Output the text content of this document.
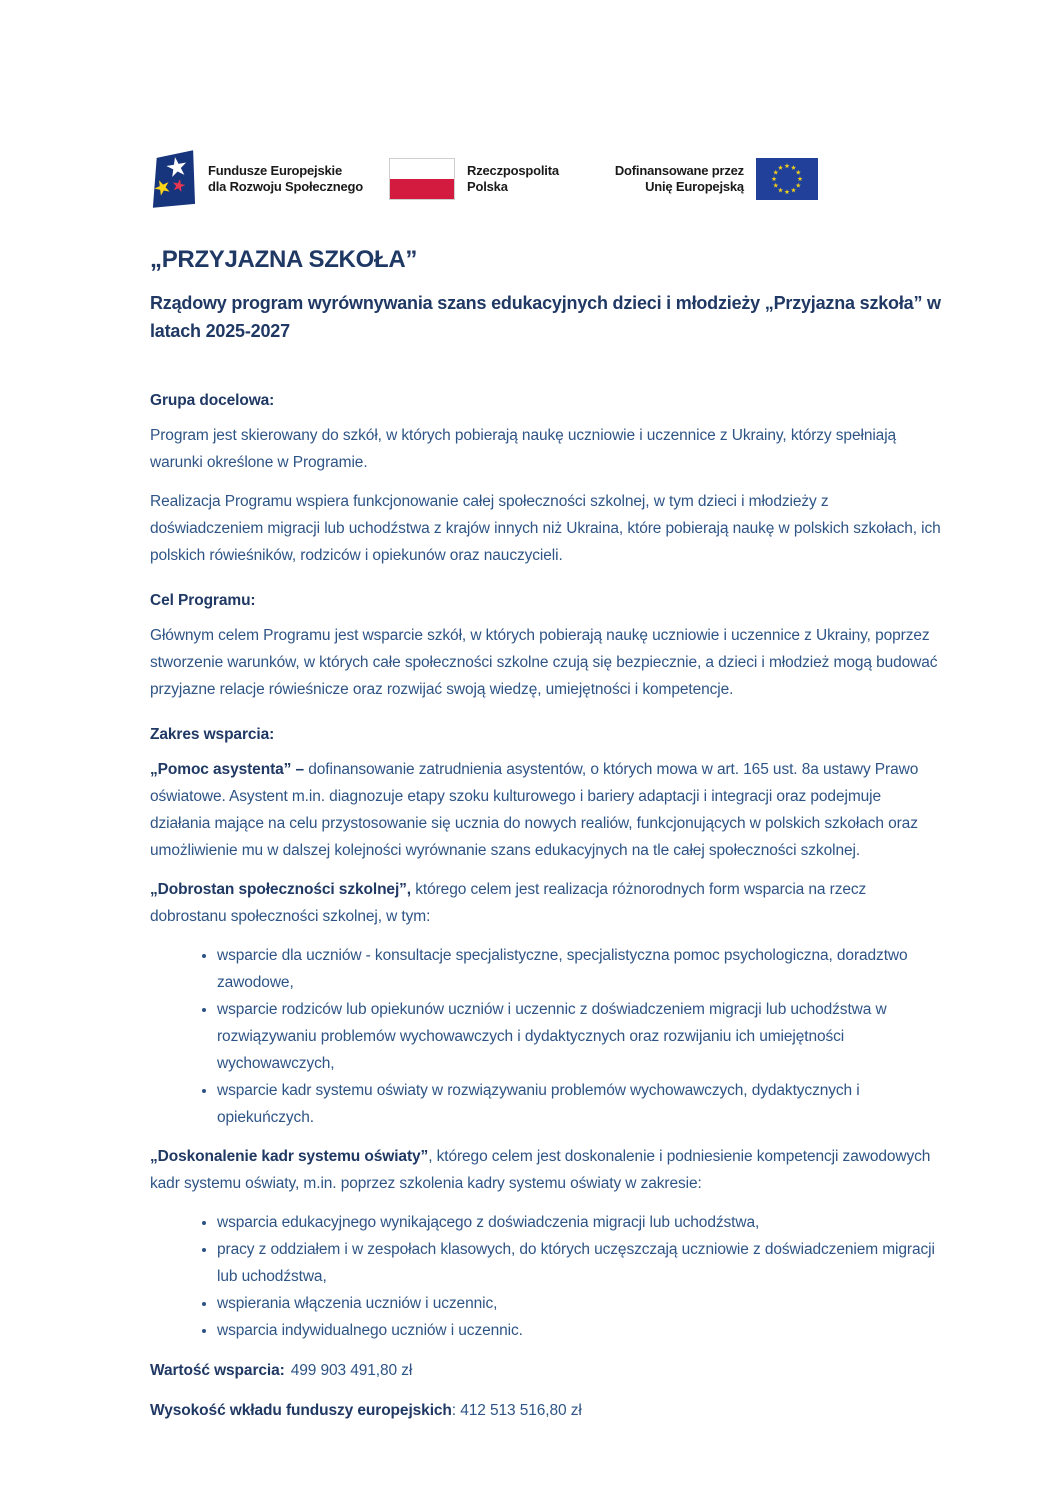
Fundusze Europejskie
dla Rozwoju Społecznego
Rzeczpospolita
Polska
Dofinansowane przez
Unię Europejską
„PRZYJAZNA SZKOŁA”
Rządowy program wyrównywania szans edukacyjnych dzieci i młodzieży „Przyjazna szkoła” w latach 2025-2027
Grupa docelowa:

Program jest skierowany do szkół, w których pobierają naukę uczniowie i uczennice z Ukrainy, którzy spełniają warunki określone w Programie.

Realizacja Programu wspiera funkcjonowanie całej społeczności szkolnej, w tym dzieci i młodzieży z doświadczeniem migracji lub uchodźstwa z krajów innych niż Ukraina, które pobierają naukę w polskich szkołach, ich polskich rówieśników, rodziców i opiekunów oraz nauczycieli.

Cel Programu:

Głównym celem Programu jest wsparcie szkół, w których pobierają naukę uczniowie i uczennice z Ukrainy, poprzez stworzenie warunków, w których całe społeczności szkolne czują się bezpiecznie, a dzieci i młodzież mogą budować przyjazne relacje rówieśnicze oraz rozwijać swoją wiedzę, umiejętności i kompetencje.

Zakres wsparcia:

„Pomoc asystenta” – dofinansowanie zatrudnienia asystentów, o których mowa w art. 165 ust. 8a ustawy Prawo oświatowe. Asystent m.in. diagnozuje etapy szoku kulturowego i bariery adaptacji i integracji oraz podejmuje działania mające na celu przystosowanie się ucznia do nowych realiów, funkcjonujących w polskich szkołach oraz umożliwienie mu w dalszej kolejności wyrównanie szans edukacyjnych na tle całej społeczności szkolnej.

„Dobrostan społeczności szkolnej”, którego celem jest realizacja różnorodnych form wsparcia na rzecz dobrostanu społeczności szkolnej, w tym:

• wsparcie dla uczniów - konsultacje specjalistyczne, specjalistyczna pomoc psychologiczna, doradztwo zawodowe,
• wsparcie rodziców lub opiekunów uczniów i uczennic z doświadczeniem migracji lub uchodźstwa w rozwiązywaniu problemów wychowawczych i dydaktycznych oraz rozwijaniu ich umiejętności wychowawczych,
• wsparcie kadr systemu oświaty w rozwiązywaniu problemów wychowawczych, dydaktycznych i opiekuńczych.

„Doskonalenie kadr systemu oświaty”, którego celem jest doskonalenie i podniesienie kompetencji zawodowych kadr systemu oświaty, m.in. poprzez szkolenia kadry systemu oświaty w zakresie:

• wsparcia edukacyjnego wynikającego z doświadczenia migracji lub uchodźstwa,
• pracy z oddziałem i w zespołach klasowych, do których uczęszczają uczniowie z doświadczeniem migracji lub uchodźstwa,
• wspierania włączenia uczniów i uczennic,
• wsparcia indywidualnego uczniów i uczennic.

Wartość wsparcia: 499 903 491,80 zł

Wysokość wkładu funduszy europejskich: 412 513 516,80 zł
